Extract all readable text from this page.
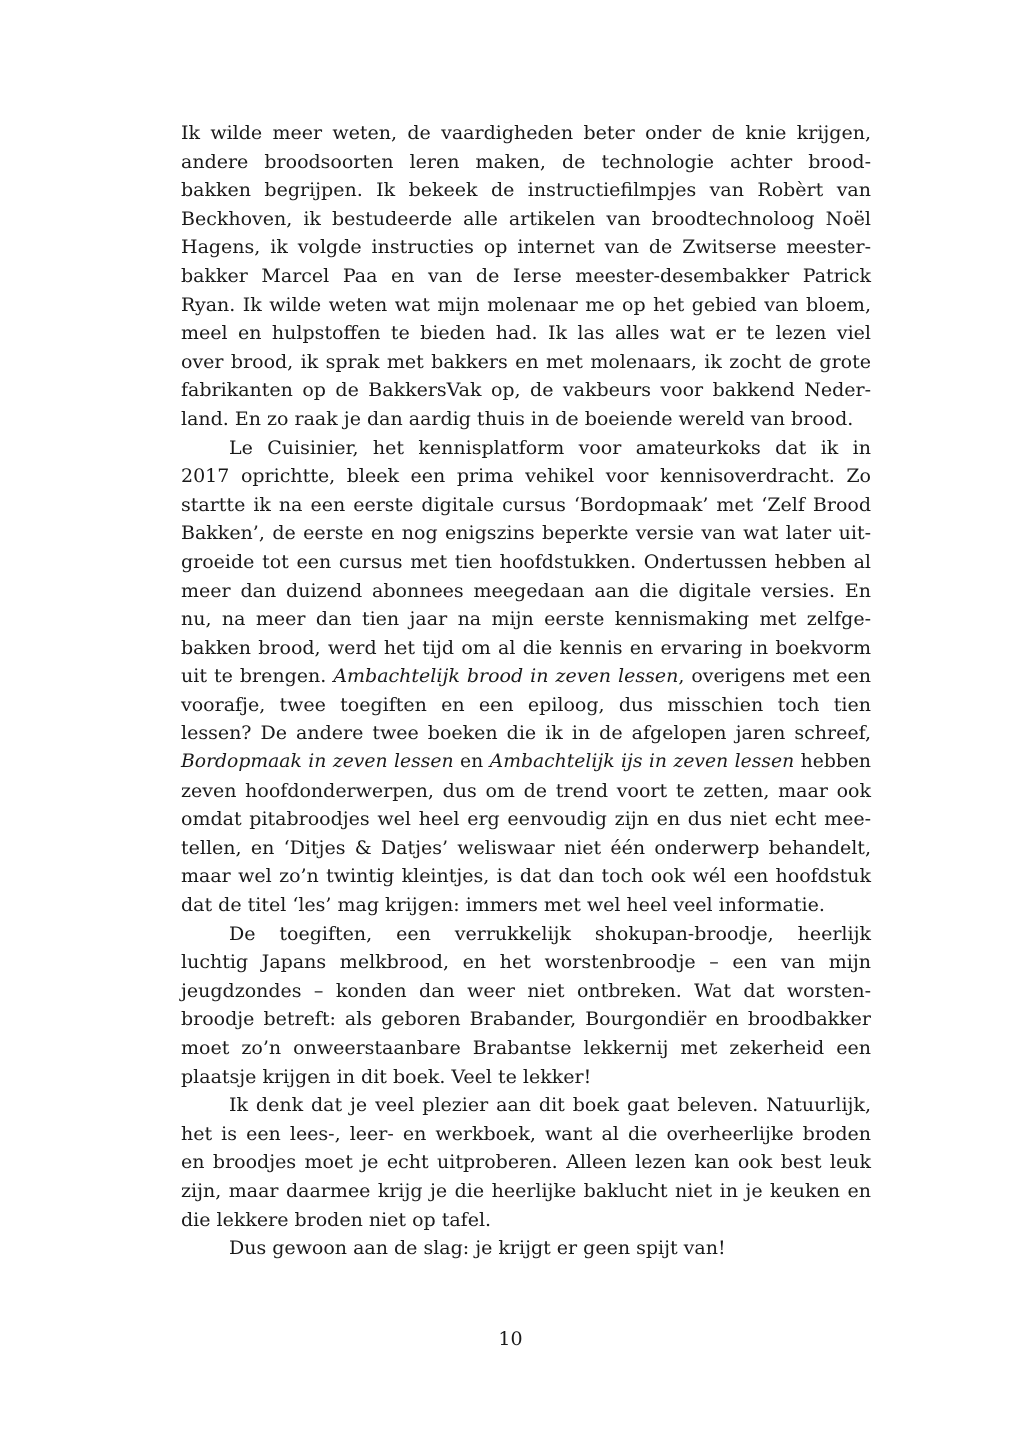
Ik wilde meer weten, de vaardigheden beter onder de knie krijgen,
andere broodsoorten leren maken, de technologie achter brood-
bakken begrijpen. Ik bekeek de instructiefilmpjes van Robèrt van
Beckhoven, ik bestudeerde alle artikelen van broodtechnoloog Noël
Hagens, ik volgde instructies op internet van de Zwitserse meester-
bakker Marcel Paa en van de Ierse meester-desembakker Patrick
Ryan. Ik wilde weten wat mijn molenaar me op het gebied van bloem,
meel en hulpstoffen te bieden had. Ik las alles wat er te lezen viel
over brood, ik sprak met bakkers en met molenaars, ik zocht de grote
fabrikanten op de BakkersVak op, de vakbeurs voor bakkend Neder-
land. En zo raak je dan aardig thuis in de boeiende wereld van brood.
Le Cuisinier, het kennisplatform voor amateurkoks dat ik in
2017 oprichtte, bleek een prima vehikel voor kennisoverdracht. Zo
startte ik na een eerste digitale cursus ‘Bordopmaak’ met ‘Zelf Brood
Bakken’, de eerste en nog enigszins beperkte versie van wat later uit-
groeide tot een cursus met tien hoofdstukken. Ondertussen hebben al
meer dan duizend abonnees meegedaan aan die digitale versies. En
nu, na meer dan tien jaar na mijn eerste kennismaking met zelfge-
bakken brood, werd het tijd om al die kennis en ervaring in boekvorm
uit te brengen. Ambachtelijk brood in zeven lessen, overigens met een
voorafje, twee toegiften en een epiloog, dus misschien toch tien
lessen? De andere twee boeken die ik in de afgelopen jaren schreef,
Bordopmaak in zeven lessen en Ambachtelijk ijs in zeven lessen hebben
zeven hoofdonderwerpen, dus om de trend voort te zetten, maar ook
omdat pitabroodjes wel heel erg eenvoudig zijn en dus niet echt mee-
tellen, en ‘Ditjes & Datjes’ weliswaar niet één onderwerp behandelt,
maar wel zo’n twintig kleintjes, is dat dan toch ook wél een hoofdstuk
dat de titel ‘les’ mag krijgen: immers met wel heel veel informatie.
De toegiften, een verrukkelijk shokupan-broodje, heerlijk
luchtig Japans melkbrood, en het worstenbroodje – een van mijn
jeugdzondes – konden dan weer niet ontbreken. Wat dat worsten-
broodje betreft: als geboren Brabander, Bourgondiër en broodbakker
moet zo’n onweerstaanbare Brabantse lekkernij met zekerheid een
plaatsje krijgen in dit boek. Veel te lekker!
Ik denk dat je veel plezier aan dit boek gaat beleven. Natuurlijk,
het is een lees-, leer- en werkboek, want al die overheerlijke broden
en broodjes moet je echt uitproberen. Alleen lezen kan ook best leuk
zijn, maar daarmee krijg je die heerlijke baklucht niet in je keuken en
die lekkere broden niet op tafel.
Dus gewoon aan de slag: je krijgt er geen spijt van!
10
